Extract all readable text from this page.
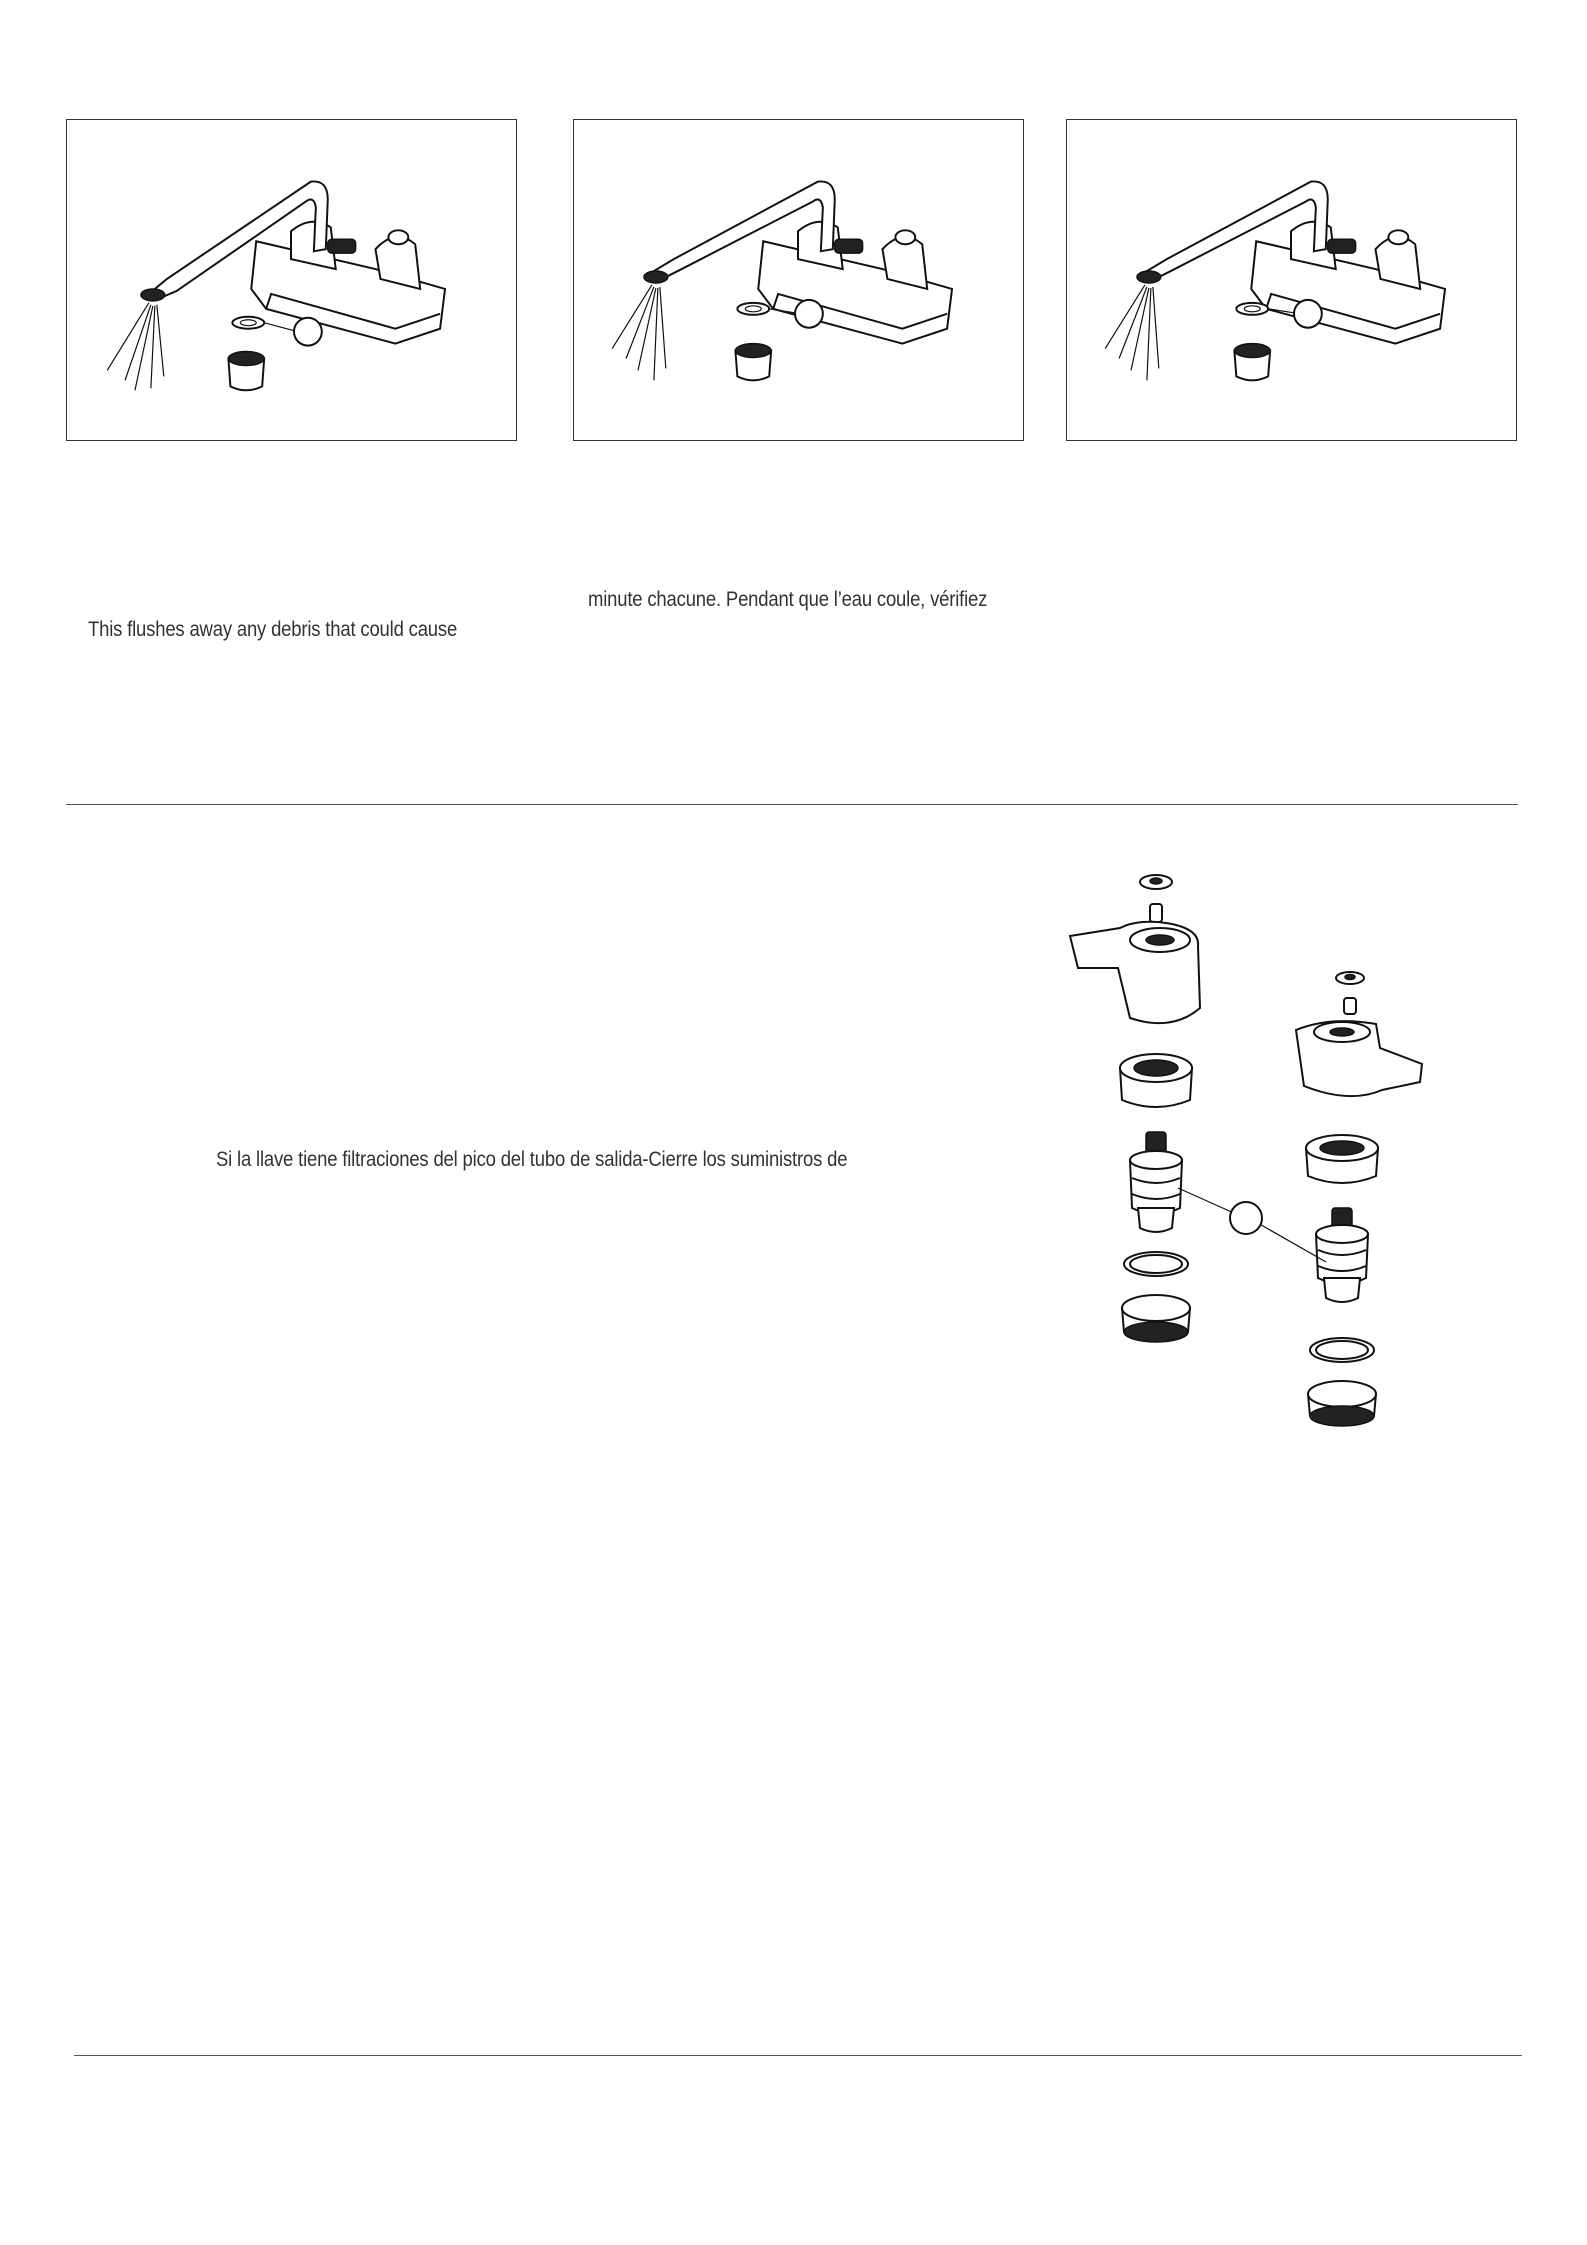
minute chacune. Pendant que l’eau coule, vérifiez
This flushes away any debris that could cause
Si la llave tiene filtraciones del pico del tubo de salida-Cierre los suministros de
